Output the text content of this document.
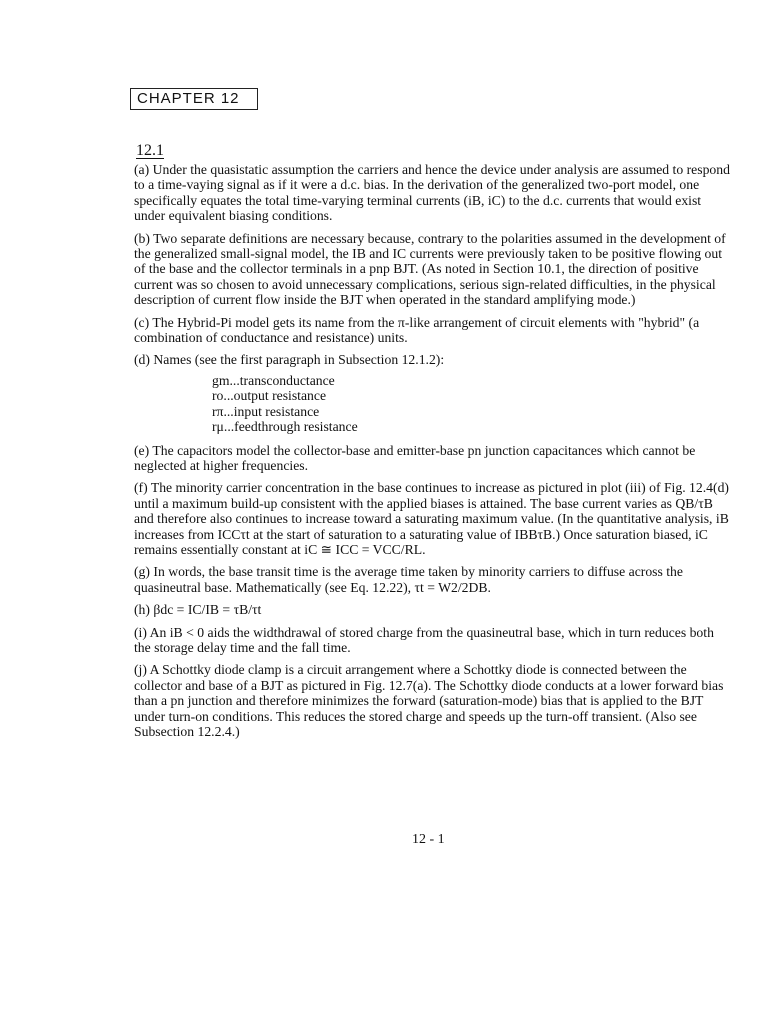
CHAPTER 12
12.1

(a) Under the quasistatic assumption the carriers and hence the device under analysis are assumed to respond to a time-vaying signal as if it were a d.c. bias. In the derivation of the generalized two-port model, one specifically equates the total time-varying terminal currents (iB, iC) to the d.c. currents that would exist under equivalent biasing conditions.

(b) Two separate definitions are necessary because, contrary to the polarities assumed in the development of the generalized small-signal model, the IB and IC currents were previously taken to be positive flowing out of the base and the collector terminals in a pnp BJT. (As noted in Section 10.1, the direction of positive current was so chosen to avoid unnecessary complications, serious sign-related difficulties, in the physical description of current flow inside the BJT when operated in the standard amplifying mode.)

(c) The Hybrid-Pi model gets its name from the π-like arrangement of circuit elements with "hybrid" (a combination of conductance and resistance) units.

(d) Names (see the first paragraph in Subsection 12.1.2):

gm...transconductance
ro...output resistance
rπ...input resistance
rμ...feedthrough resistance

(e) The capacitors model the collector-base and emitter-base pn junction capacitances which cannot be neglected at higher frequencies.

(f) The minority carrier concentration in the base continues to increase as pictured in plot (iii) of Fig. 12.4(d) until a maximum build-up consistent with the applied biases is attained. The base current varies as QB/τB and therefore also continues to increase toward a saturating maximum value. (In the quantitative analysis, iB increases from ICCτt at the start of saturation to a saturating value of IBBτB.) Once saturation biased, iC remains essentially constant at iC ≅ ICC = VCC/RL.

(g) In words, the base transit time is the average time taken by minority carriers to diffuse across the quasineutral base. Mathematically (see Eq. 12.22), τt = W2/2DB.

(h) βdc = IC/IB = τB/τt

(i) An iB < 0 aids the widthdrawal of stored charge from the quasineutral base, which in turn reduces both the storage delay time and the fall time.

(j) A Schottky diode clamp is a circuit arrangement where a Schottky diode is connected between the collector and base of a BJT as pictured in Fig. 12.7(a). The Schottky diode conducts at a lower forward bias than a pn junction and therefore minimizes the forward (saturation-mode) bias that is applied to the BJT under turn-on conditions. This reduces the stored charge and speeds up the turn-off transient. (Also see Subsection 12.2.4.)

12 - 1
